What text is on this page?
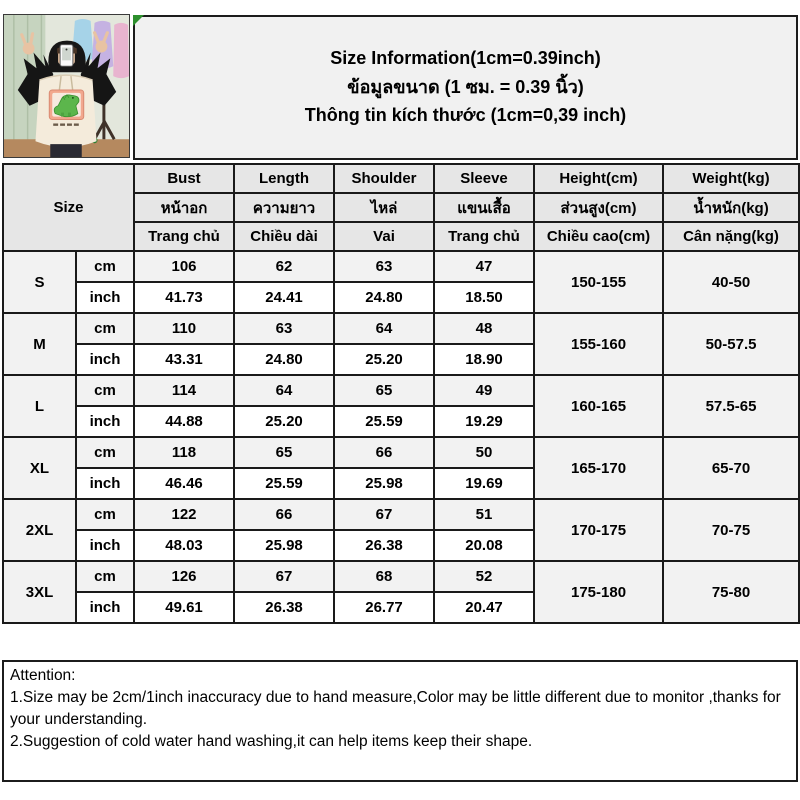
Size Information(1cm=0.39inch)
ข้อมูลขนาด (1 ซม. = 0.39 นิ้ว)
Thông tin kích thước (1cm=0,39 inch)
Size		Bust	Length	Shoulder	Sleeve	Height(cm)	Weight(kg)
		หน้าอก	ความยาว	ไหล่	แขนเสื้อ	ส่วนสูง(cm)	น้ำหนัก(kg)
		Trang chủ	Chiều dài	Vai	Trang chủ	Chiều cao(cm)	Cân nặng(kg)
S	cm	106	62	63	47	150-155	40-50
	inch	41.73	24.41	24.80	18.50		
M	cm	110	63	64	48	155-160	50-57.5
	inch	43.31	24.80	25.20	18.90		
L	cm	114	64	65	49	160-165	57.5-65
	inch	44.88	25.20	25.59	19.29		
XL	cm	118	65	66	50	165-170	65-70
	inch	46.46	25.59	25.98	19.69		
2XL	cm	122	66	67	51	170-175	70-75
	inch	48.03	25.98	26.38	20.08		
3XL	cm	126	67	68	52	175-180	75-80
	inch	49.61	26.38	26.77	20.47		
Attention:
1.Size may be 2cm/1inch inaccuracy due to hand measure,Color may be little different due to monitor ,thanks for your understanding.
2.Suggestion of cold water hand washing,it can help items keep their shape.
